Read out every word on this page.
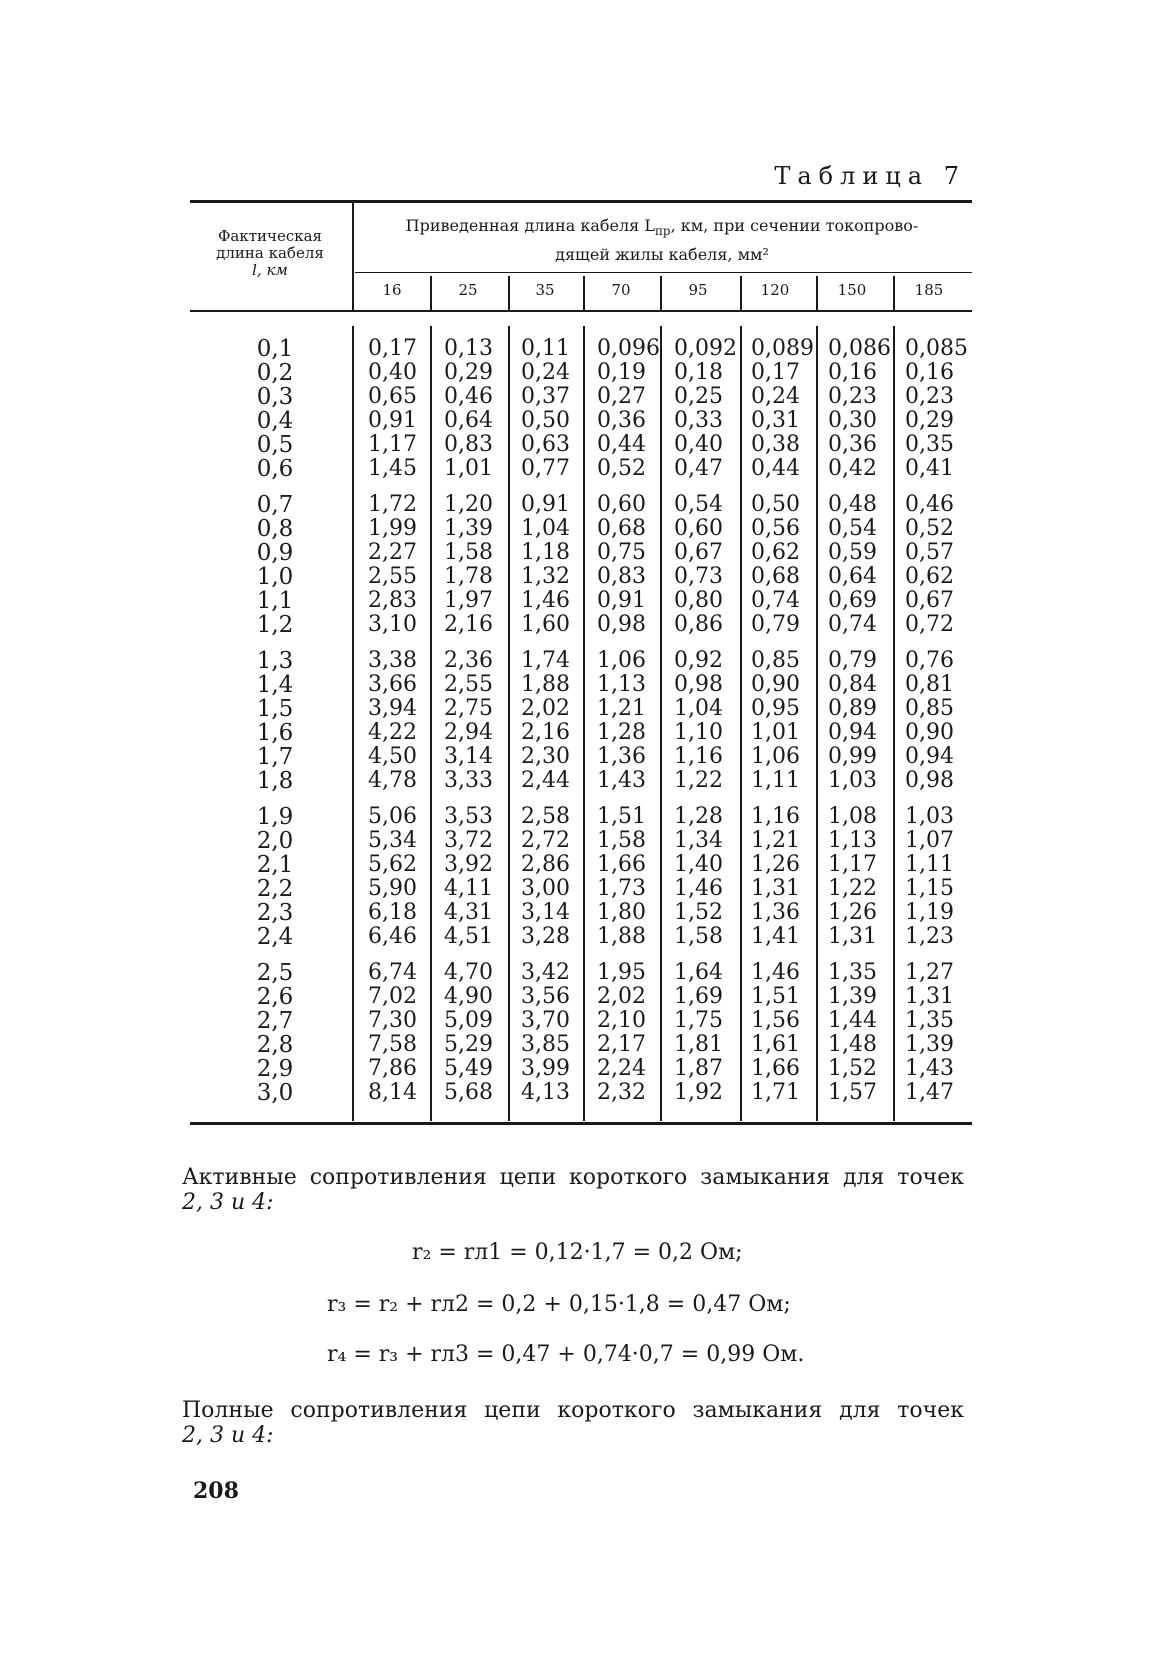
Таблица 7
Фактическая
длина кабеля
l, км
Приведенная длина кабеля $L_{пр}$, км, при сечении токопрово-
дящей жилы кабеля, мм²
16	25	35	70	95	120	150	185
0,1	0,17 0,13 0,11 0,096 0,092 0,089 0,086 0,085
0,2	0,40 0,29 0,24 0,19 0,18 0,17 0,16 0,16
0,3	0,65 0,46 0,37 0,27 0,25 0,24 0,23 0,23
0,4	0,91 0,64 0,50 0,36 0,33 0,31 0,30 0,29
0,5	1,17 0,83 0,63 0,44 0,40 0,38 0,36 0,35
0,6	1,45 1,01 0,77 0,52 0,47 0,44 0,42 0,41
0,7	1,72 1,20 0,91 0,60 0,54 0,50 0,48 0,46
0,8	1,99 1,39 1,04 0,68 0,60 0,56 0,54 0,52
0,9	2,27 1,58 1,18 0,75 0,67 0,62 0,59 0,57
1,0	2,55 1,78 1,32 0,83 0,73 0,68 0,64 0,62
1,1	2,83 1,97 1,46 0,91 0,80 0,74 0,69 0,67
1,2	3,10 2,16 1,60 0,98 0,86 0,79 0,74 0,72
1,3	3,38 2,36 1,74 1,06 0,92 0,85 0,79 0,76
1,4	3,66 2,55 1,88 1,13 0,98 0,90 0,84 0,81
1,5	3,94 2,75 2,02 1,21 1,04 0,95 0,89 0,85
1,6	4,22 2,94 2,16 1,28 1,10 1,01 0,94 0,90
1,7	4,50 3,14 2,30 1,36 1,16 1,06 0,99 0,94
1,8	4,78 3,33 2,44 1,43 1,22 1,11 1,03 0,98
1,9	5,06 3,53 2,58 1,51 1,28 1,16 1,08 1,03
2,0	5,34 3,72 2,72 1,58 1,34 1,21 1,13 1,07
2,1	5,62 3,92 2,86 1,66 1,40 1,26 1,17 1,11
2,2	5,90 4,11 3,00 1,73 1,46 1,31 1,22 1,15
2,3	6,18 4,31 3,14 1,80 1,52 1,36 1,26 1,19
2,4	6,46 4,51 3,28 1,88 1,58 1,41 1,31 1,23
2,5	6,74 4,70 3,42 1,95 1,64 1,46 1,35 1,27
2,6	7,02 4,90 3,56 2,02 1,69 1,51 1,39 1,31
2,7	7,30 5,09 3,70 2,10 1,75 1,56 1,44 1,35
2,8	7,58 5,29 3,85 2,17 1,81 1,61 1,48 1,39
2,9	7,86 5,49 3,99 2,24 1,87 1,66 1,52 1,43
3,0	8,14 5,68 4,13 2,32 1,92 1,71 1,57 1,47
Активные сопротивления цепи короткого замыкания для точек
2, 3 и 4:
r₂ = rл1 = 0,12·1,7 = 0,2 Ом;
r₃ = r₂ + rл2 = 0,2 + 0,15·1,8 = 0,47 Ом;
r₄ = r₃ + rл3 = 0,47 + 0,74·0,7 = 0,99 Ом.
Полные сопротивления цепи короткого замыкания для точек
2, 3 и 4:
208
